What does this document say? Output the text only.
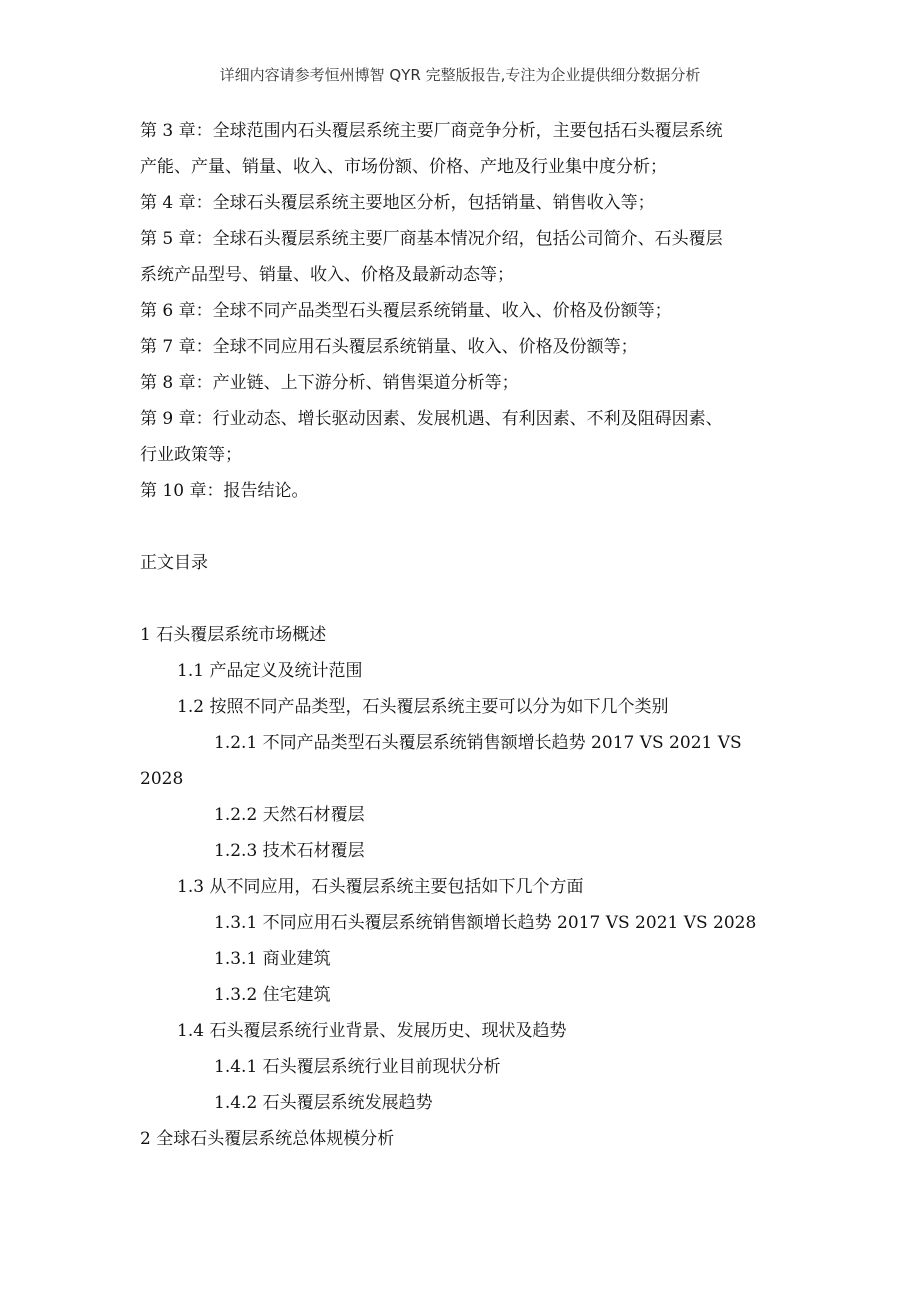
详细内容请参考恒州博智 QYR 完整版报告,专注为企业提供细分数据分析
第 3 章：全球范围内石头覆层系统主要厂商竞争分析，主要包括石头覆层系统
产能、产量、销量、收入、市场份额、价格、产地及行业集中度分析；
第 4 章：全球石头覆层系统主要地区分析，包括销量、销售收入等；
第 5 章：全球石头覆层系统主要厂商基本情况介绍，包括公司简介、石头覆层
系统产品型号、销量、收入、价格及最新动态等；
第 6 章：全球不同产品类型石头覆层系统销量、收入、价格及份额等；
第 7 章：全球不同应用石头覆层系统销量、收入、价格及份额等；
第 8 章：产业链、上下游分析、销售渠道分析等；
第 9 章：行业动态、增长驱动因素、发展机遇、有利因素、不利及阻碍因素、
行业政策等；
第 10 章：报告结论。
正文目录
1 石头覆层系统市场概述
1.1 产品定义及统计范围
1.2 按照不同产品类型，石头覆层系统主要可以分为如下几个类别
1.2.1 不同产品类型石头覆层系统销售额增长趋势 2017 VS 2021 VS
2028
1.2.2 天然石材覆层
1.2.3 技术石材覆层
1.3 从不同应用，石头覆层系统主要包括如下几个方面
1.3.1 不同应用石头覆层系统销售额增长趋势 2017 VS 2021 VS 2028
1.3.1 商业建筑
1.3.2 住宅建筑
1.4 石头覆层系统行业背景、发展历史、现状及趋势
1.4.1 石头覆层系统行业目前现状分析
1.4.2 石头覆层系统发展趋势
2 全球石头覆层系统总体规模分析
